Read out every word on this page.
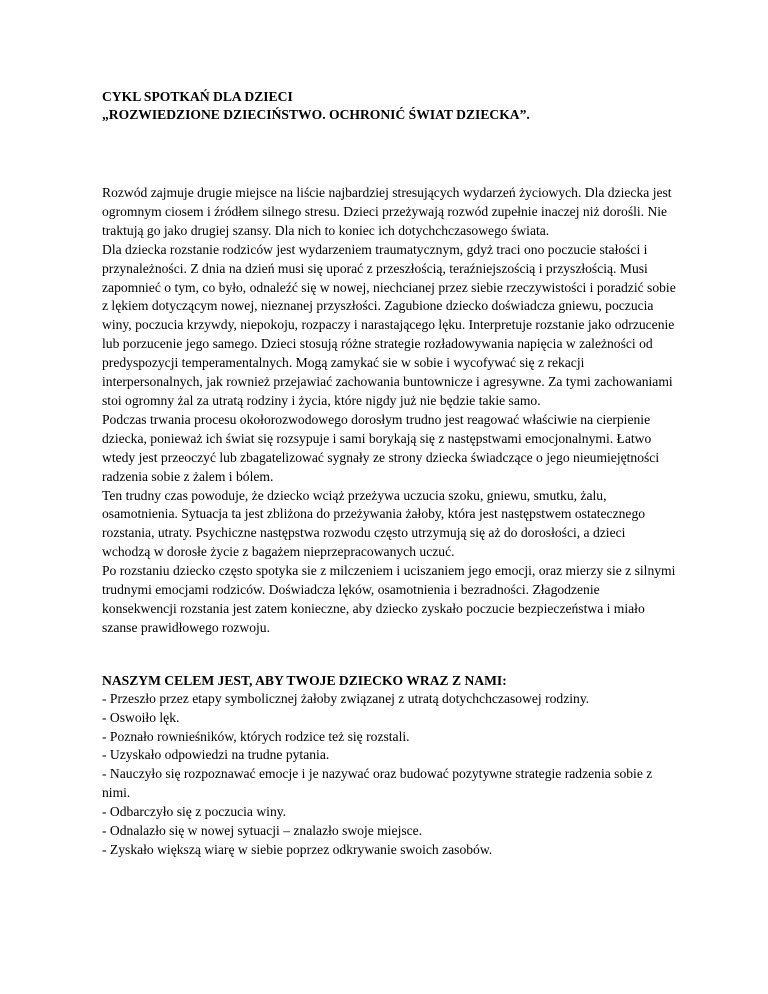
CYKL SPOTKAŃ DLA DZIECI
„ROZWIEDZIONE DZIECIŃSTWO. OCHRONIĆ ŚWIAT DZIECKA”.

Rozwód zajmuje drugie miejsce na liście najbardziej stresujących wydarzeń życiowych. Dla dziecka jest ogromnym ciosem i źródłem silnego stresu. Dzieci przeżywają rozwód zupełnie inaczej niż dorośli. Nie traktują go jako drugiej szansy. Dla nich to koniec ich dotychchczasowego świata.

Dla dziecka rozstanie rodziców jest wydarzeniem traumatycznym, gdyż traci ono poczucie stałości i przynależności. Z dnia na dzień musi się uporać z przeszłością, teraźniejszością i przyszłością. Musi zapomnieć o tym, co było, odnaleźć się w nowej, niechcianej przez siebie rzeczywistości i poradzić sobie z lękiem dotyczącym nowej, nieznanej przyszłości. Zagubione dziecko doświadcza gniewu, poczucia winy, poczucia krzywdy, niepokoju, rozpaczy i narastającego lęku. Interpretuje rozstanie jako odrzucenie lub porzucenie jego samego. Dzieci stosują różne strategie rozładowywania napięcia w zależności od predyspozycji temperamentalnych. Mogą zamykać sie w sobie i wycofywać się z rekacji interpersonalnych, jak rownież przejawiać zachowania buntownicze i agresywne. Za tymi zachowaniami stoi ogromny żal za utratą rodziny i życia, które nigdy już nie będzie takie samo.

Podczas trwania procesu okołorozwodowego dorosłym trudno jest reagować właściwie na cierpienie dziecka, ponieważ ich świat się rozsypuje i sami borykają się z następstwami emocjonalnymi. Łatwo wtedy jest przeoczyć lub zbagatelizować sygnały ze strony dziecka świadczące o jego nieumiejętności radzenia sobie z żalem i bólem.

Ten trudny czas powoduje, że dziecko wciąż przeżywa uczucia szoku, gniewu, smutku, żalu, osamotnienia. Sytuacja ta jest zbliżona do przeżywania żałoby, która jest następstwem ostatecznego rozstania, utraty. Psychiczne następstwa rozwodu często utrzymują się aż do dorosłości, a dzieci wchodzą w dorosłe życie z bagażem nieprzepracowanych uczuć.

Po rozstaniu dziecko często spotyka sie z milczeniem i uciszaniem jego emocji, oraz mierzy sie z silnymi trudnymi emocjami rodziców. Doświadcza lęków, osamotnienia i bezradności. Złagodzenie konsekwencji rozstania jest zatem konieczne, aby dziecko zyskało poczucie bezpieczeństwa i miało szanse prawidłowego rozwoju.

NASZYM CELEM JEST, ABY TWOJE DZIECKO WRAZ Z NAMI:
- Przeszło przez etapy symbolicznej żałoby związanej z utratą dotychchczasowej rodziny.
- Oswoiło lęk.
- Poznało rownieśników, których rodzice też się rozstali.
- Uzyskało odpowiedzi na trudne pytania.
- Nauczyło się rozpoznawać emocje i je nazywać oraz budować pozytywne strategie radzenia sobie z nimi.
- Odbarczyło się z poczucia winy.
- Odnalazło się w nowej sytuacji – znalazło swoje miejsce.
- Zyskało większą wiarę w siebie poprzez odkrywanie swoich zasobów.
